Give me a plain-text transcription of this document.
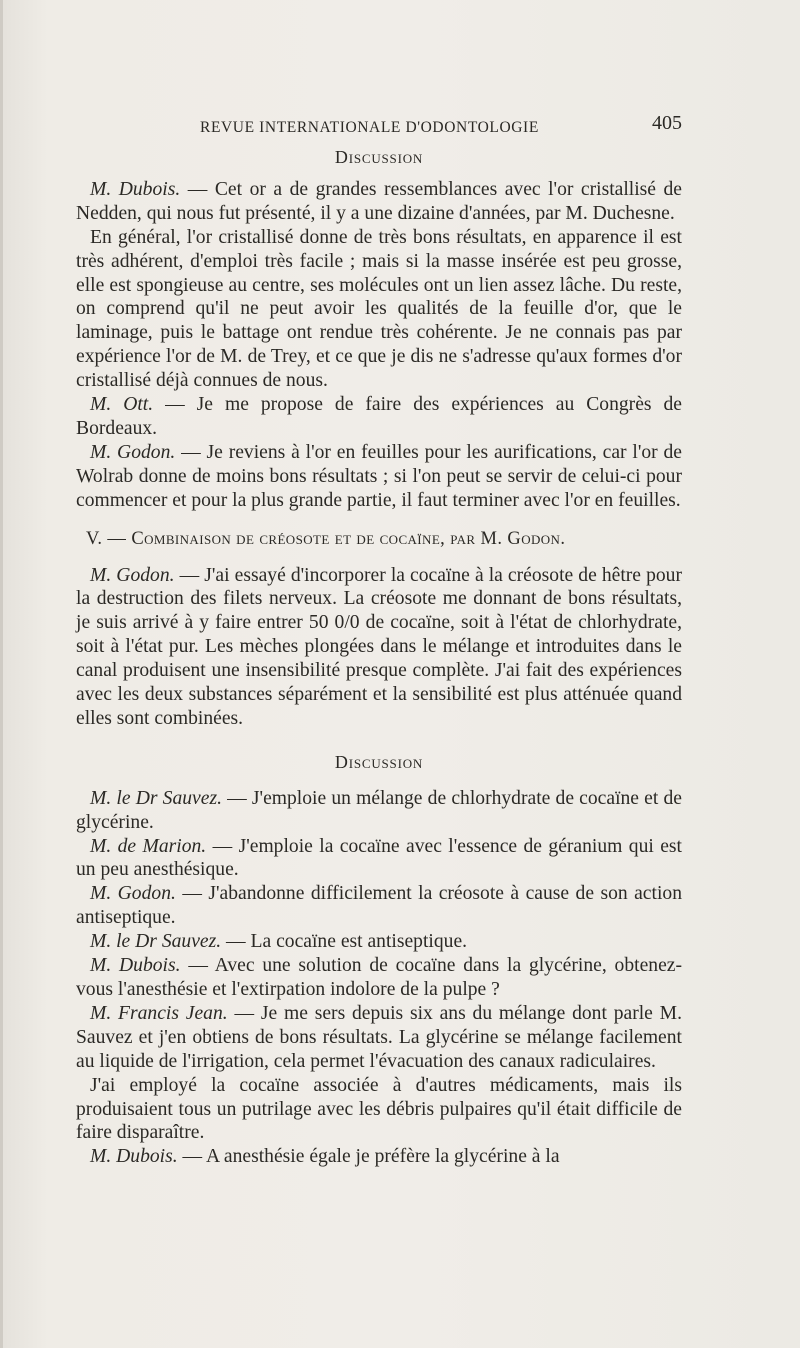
REVUE INTERNATIONALE D'ODONTOLOGIE	405
Discussion

M. Dubois. — Cet or a de grandes ressemblances avec l'or cristallisé de Nedden, qui nous fut présenté, il y a une dizaine d'années, par M. Duchesne.

En général, l'or cristallisé donne de très bons résultats, en apparence il est très adhérent, d'emploi très facile ; mais si la masse insérée est peu grosse, elle est spongieuse au centre, ses molécules ont un lien assez lâche. Du reste, on comprend qu'il ne peut avoir les qualités de la feuille d'or, que le laminage, puis le battage ont rendue très cohérente. Je ne connais pas par expérience l'or de M. de Trey, et ce que je dis ne s'adresse qu'aux formes d'or cristallisé déjà connues de nous.

M. Ott. — Je me propose de faire des expériences au Congrès de Bordeaux.

M. Godon. — Je reviens à l'or en feuilles pour les aurifications, car l'or de Wolrab donne de moins bons résultats ; si l'on peut se servir de celui-ci pour commencer et pour la plus grande partie, il faut terminer avec l'or en feuilles.

V. — Combinaison de créosote et de cocaïne, par M. Godon.

M. Godon. — J'ai essayé d'incorporer la cocaïne à la créosote de hêtre pour la destruction des filets nerveux. La créosote me donnant de bons résultats, je suis arrivé à y faire entrer 50 0/0 de cocaïne, soit à l'état de chlorhydrate, soit à l'état pur. Les mèches plongées dans le mélange et introduites dans le canal produisent une insensibilité presque complète. J'ai fait des expériences avec les deux substances séparément et la sensibilité est plus atténuée quand elles sont combinées.

Discussion

M. le Dr Sauvez. — J'emploie un mélange de chlorhydrate de cocaïne et de glycérine.

M. de Marion. — J'emploie la cocaïne avec l'essence de géranium qui est un peu anesthésique.

M. Godon. — J'abandonne difficilement la créosote à cause de son action antiseptique.

M. le Dr Sauvez. — La cocaïne est antiseptique.

M. Dubois. — Avec une solution de cocaïne dans la glycérine, obtenez-vous l'anesthésie et l'extirpation indolore de la pulpe ?

M. Francis Jean. — Je me sers depuis six ans du mélange dont parle M. Sauvez et j'en obtiens de bons résultats. La glycérine se mélange facilement au liquide de l'irrigation, cela permet l'évacuation des canaux radiculaires.

J'ai employé la cocaïne associée à d'autres médicaments, mais ils produisaient tous un putrilage avec les débris pulpaires qu'il était difficile de faire disparaître.

M. Dubois. — A anesthésie égale je préfère la glycérine à la
